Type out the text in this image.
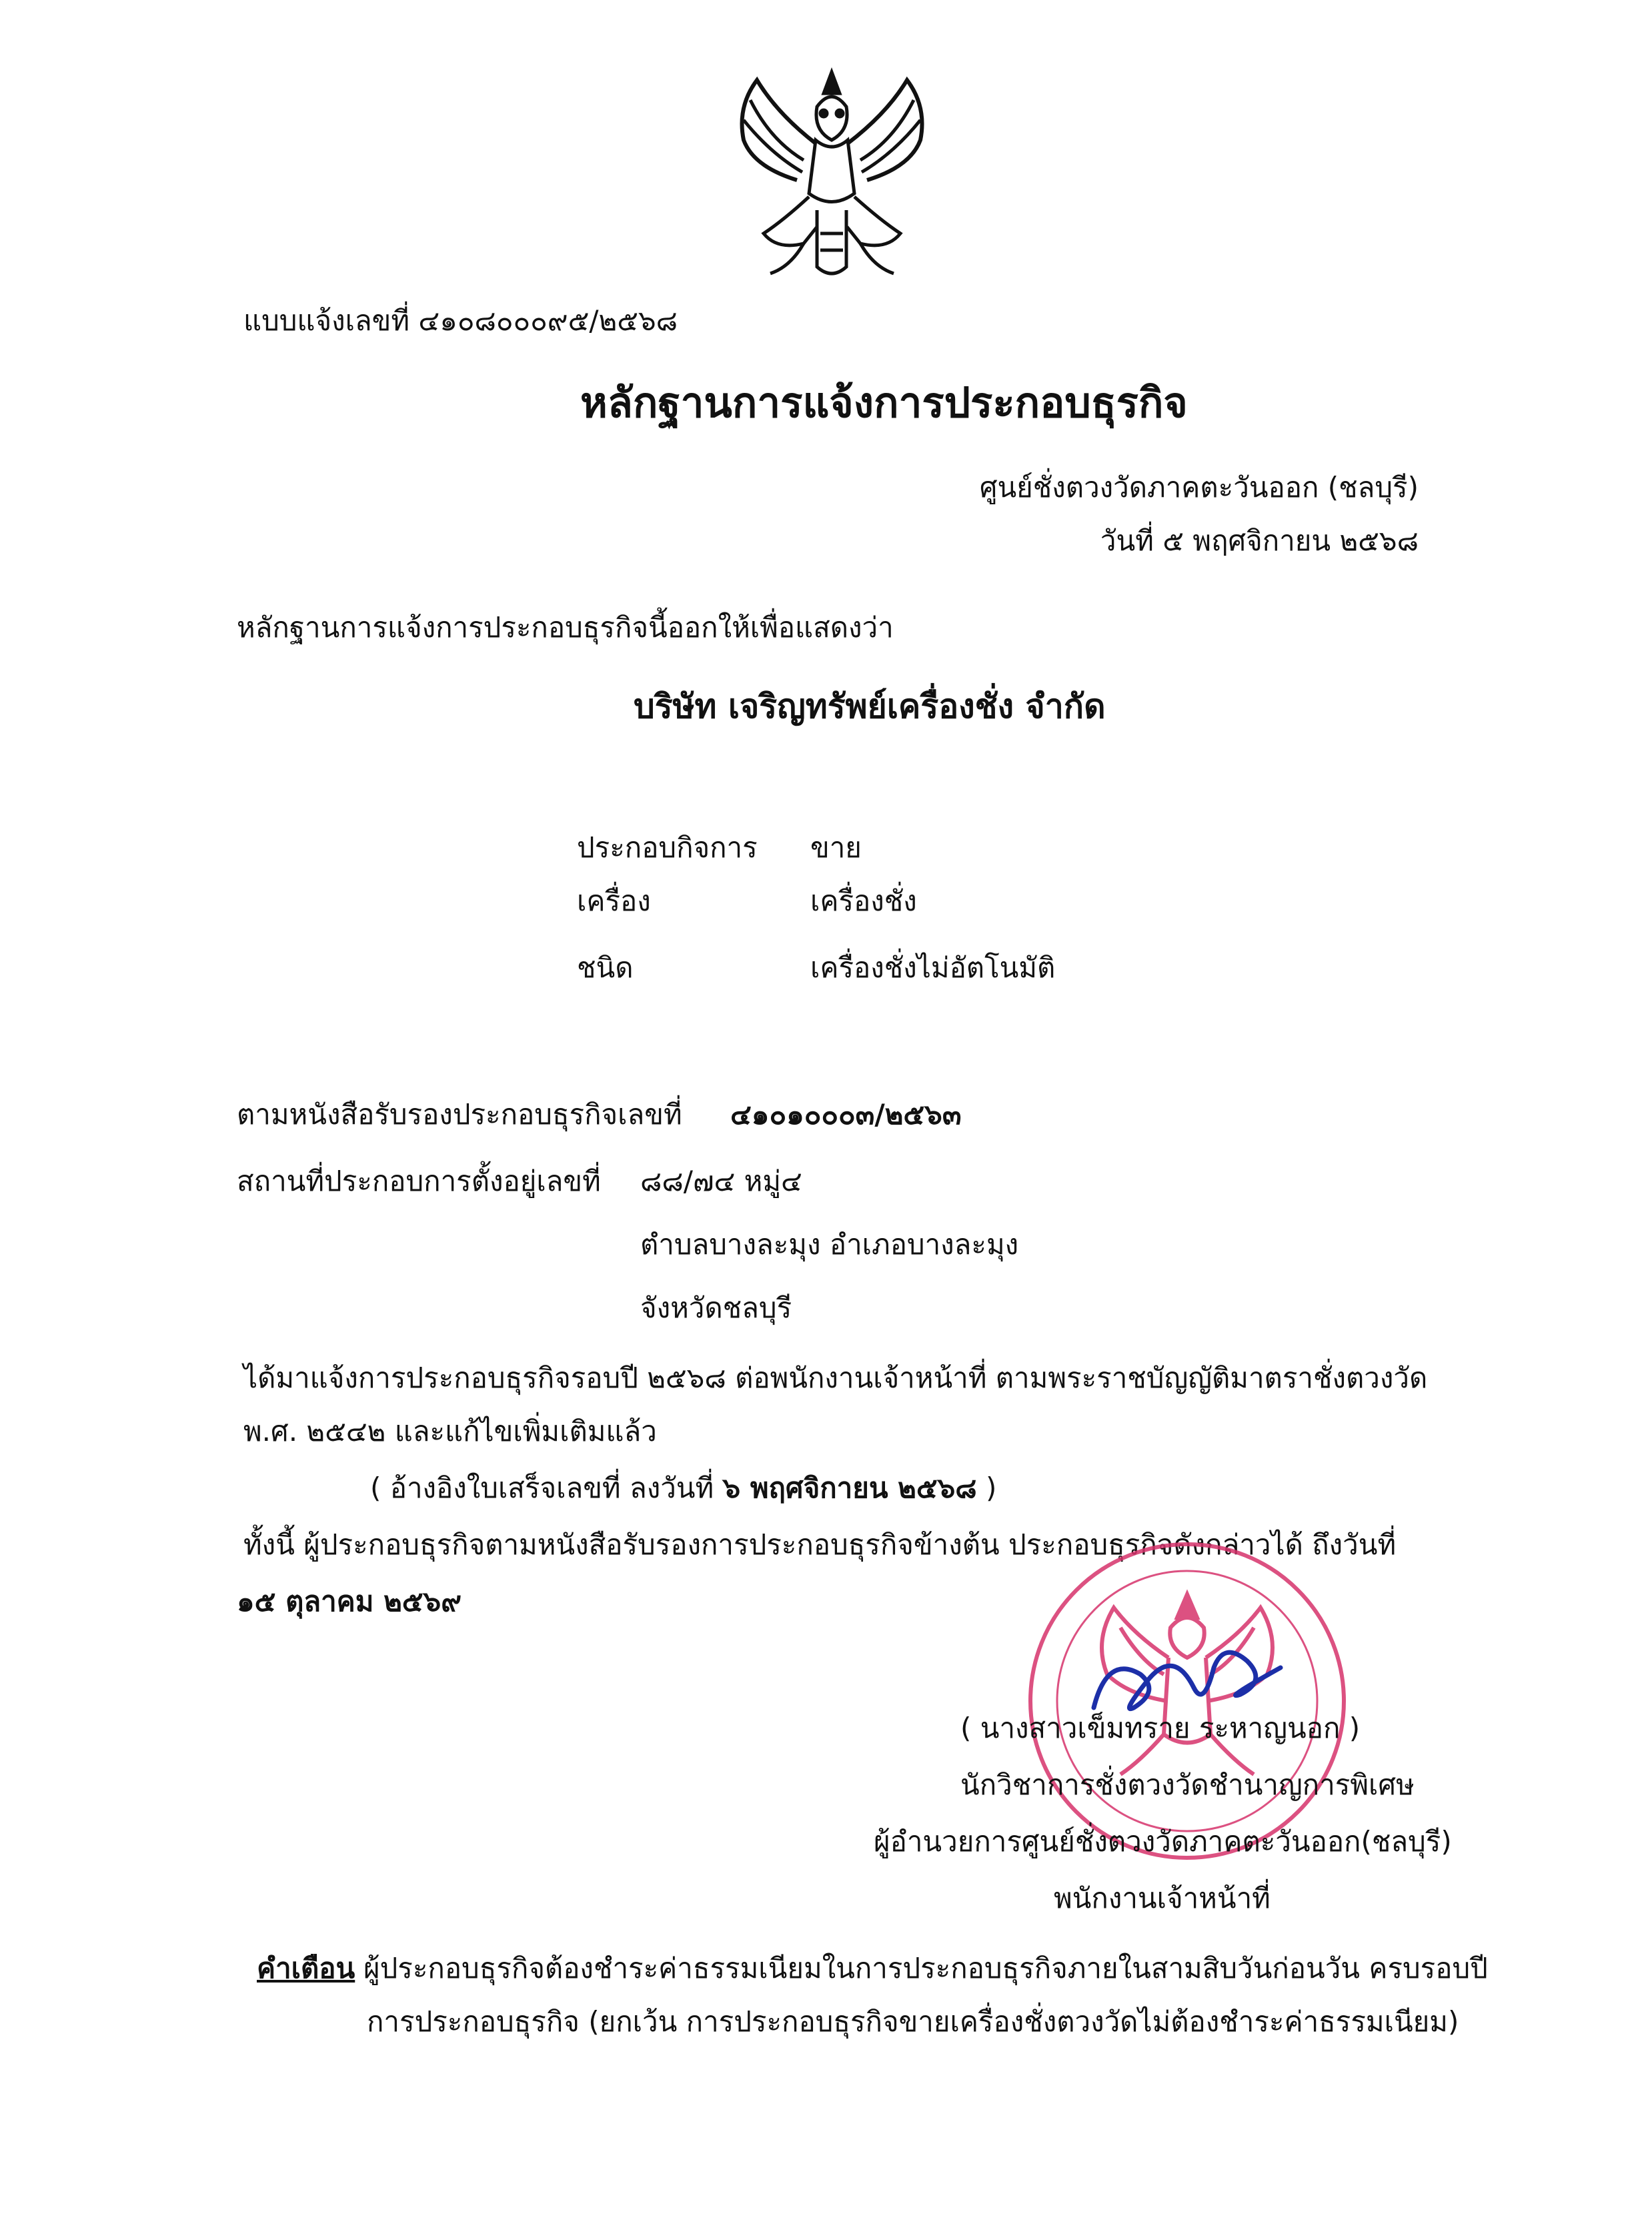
แบบแจ้งเลขที่ ๔๑๐๘๐๐๐๙๕/๒๕๖๘
หลักฐานการแจ้งการประกอบธุรกิจ
ศูนย์ชั่งตวงวัดภาคตะวันออก (ชลบุรี)
วันที่ ๕ พฤศจิกายน ๒๕๖๘
หลักฐานการแจ้งการประกอบธุรกิจนี้ออกให้เพื่อแสดงว่า
บริษัท เจริญทรัพย์เครื่องชั่ง จำกัด
ประกอบกิจการ ขาย
เครื่อง	เครื่องชั่ง
ชนิด	เครื่องชั่งไม่อัตโนมัติ
ตามหนังสือรับรองประกอบธุรกิจเลขที่ ๔๑๐๑๐๐๐๓/๒๕๖๓
สถานที่ประกอบการตั้งอยู่เลขที่ ๘๘/๗๔ หมู่๔
ตำบลบางละมุง อำเภอบางละมุง
จังหวัดชลบุรี
ได้มาแจ้งการประกอบธุรกิจรอบปี ๒๕๖๘ ต่อพนักงานเจ้าหน้าที่ ตามพระราชบัญญัติมาตราชั่งตวงวัด
พ.ศ. ๒๕๔๒ และแก้ไขเพิ่มเติมแล้ว
( อ้างอิงใบเสร็จเลขที่ ลงวันที่ ๖ พฤศจิกายน ๒๕๖๘ )
ทั้งนี้ ผู้ประกอบธุรกิจตามหนังสือรับรองการประกอบธุรกิจข้างต้น ประกอบธุรกิจดังกล่าวได้ ถึงวันที่
๑๕ ตุลาคม ๒๕๖๙
( นางสาวเข็มทราย ระหาญนอก )
นักวิชาการชั่งตวงวัดชำนาญการพิเศษ
ผู้อำนวยการศูนย์ชั่งตวงวัดภาคตะวันออก(ชลบุรี)
พนักงานเจ้าหน้าที่
คำเตือน ผู้ประกอบธุรกิจต้องชำระค่าธรรมเนียมในการประกอบธุรกิจภายในสามสิบวันก่อนวัน ครบรอบปี
การประกอบธุรกิจ (ยกเว้น การประกอบธุรกิจขายเครื่องชั่งตวงวัดไม่ต้องชำระค่าธรรมเนียม)
